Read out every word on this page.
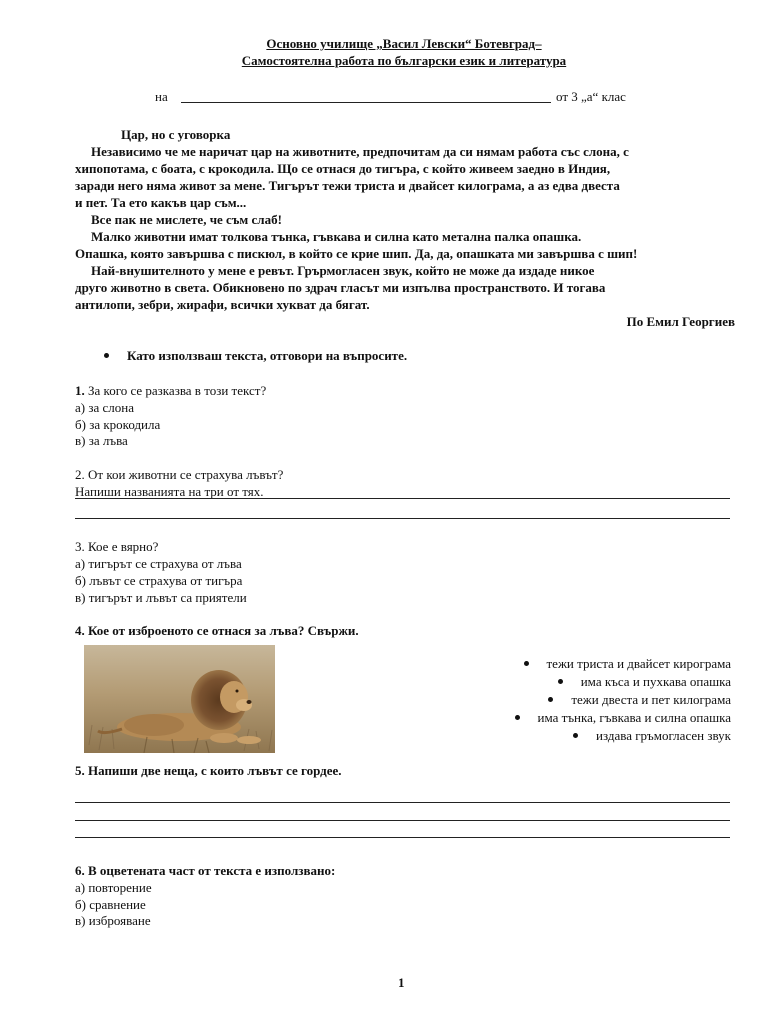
Основно училище „Васил Левски“ Ботевград–
Самостоятелна работа по български език и литература
на	от 3 „а“ клас

Цар, но с уговорка

Независимо че ме наричат цар на животните, предпочитам да си нямам работа със слона, с

хипопотама, с боата, с крокодила. Що се отнася до тигъра, с който живеем заедно в Индия,

заради него няма живот за мене. Тигърът тежи триста и двайсет килограма, а аз едва двеста

и пет. Та ето какъв цар съм...

Все пак не мислете, че съм слаб!

Малко животни имат толкова тънка, гъвкава и силна като метална палка опашка.

Опашка, която завършва с пискюл, в който се крие шип. Да, да, опашката ми завършва с шип!

Най-внушителното у мене е ревът. Грърмогласен звук, който не може да издаде никое

друго животно в света. Обикновено по здрач гласът ми изпълва пространството. И тогава

антилопи, зебри, жирафи, всички хукват да бягат.

По Емил Георгиев

Като използваш текста, отговори на въпросите.
1. За кого се разказва в този текст?
а) за слона
б) за крокодила
в) за лъва
2. От кои животни се страхува лъвът?
Напиши названията на три от тях.
3. Кое е вярно?
а) тигърът се страхува от лъва
б) лъвът се страхува от тигъра
в) тигърът и лъвът са приятели
4. Кое от изброеното се отнася за лъва? Свържи.
тежи триста и двайсет кирограма
има къса и пухкава опашка
тежи двеста и пет килограма
има тънка, гъвкава и силна опашка
издава гръмогласен звук
5. Напиши две неща, с които лъвът се гордее.
6. В оцветената част от текста е използвано:
а) повторение
б) сравнение
в) изброяване
1
